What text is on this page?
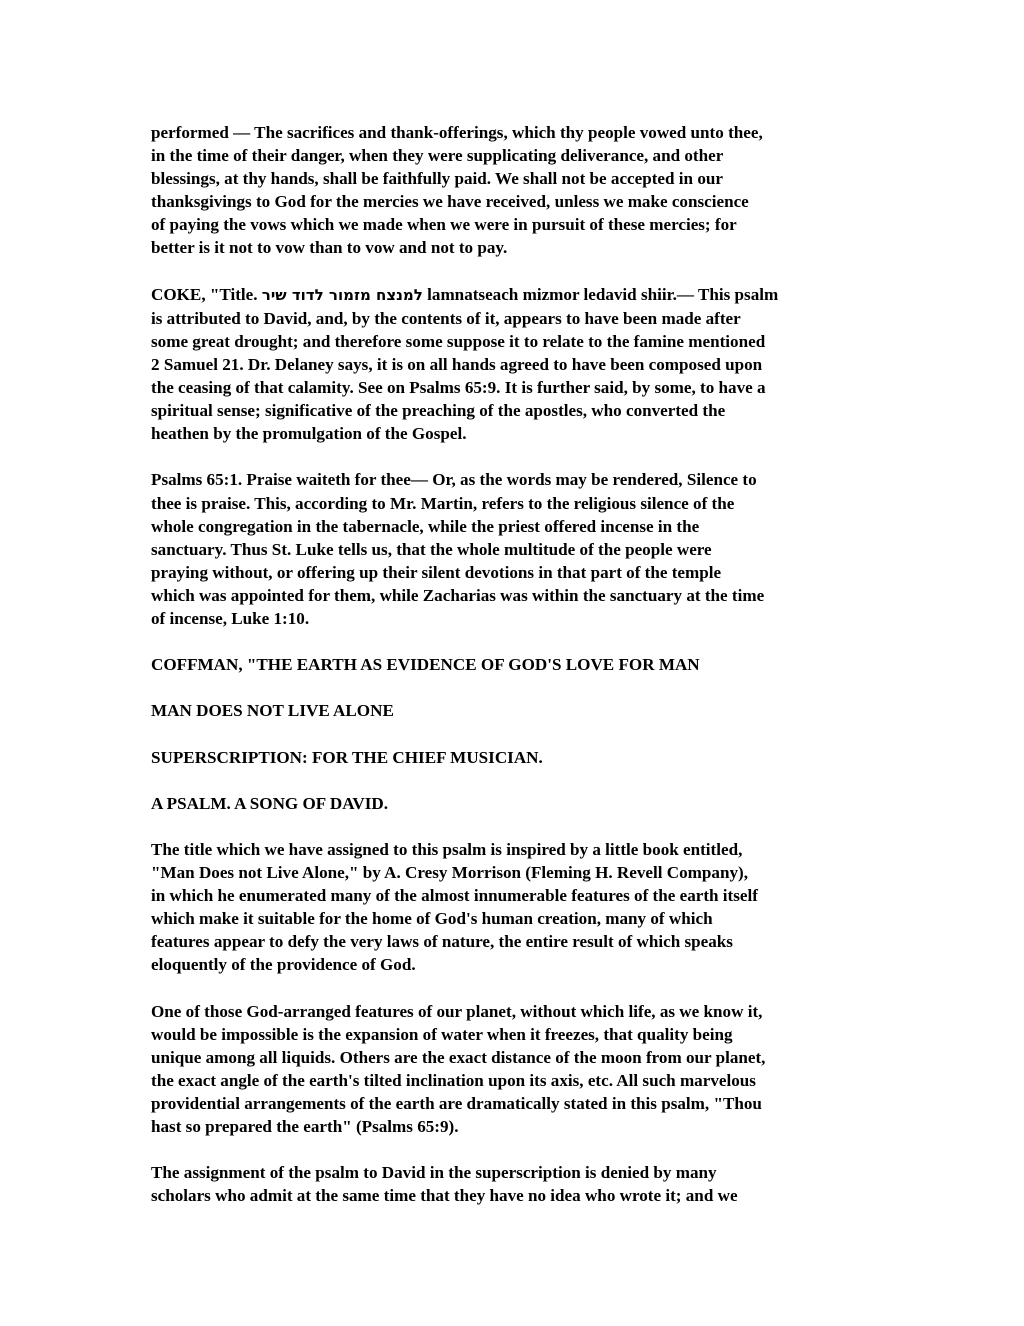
performed — The sacrifices and thank-offerings, which thy people vowed unto thee,
in the time of their danger, when they were supplicating deliverance, and other
blessings, at thy hands, shall be faithfully paid. We shall not be accepted in our
thanksgivings to God for the mercies we have received, unless we make conscience
of paying the vows which we made when we were in pursuit of these mercies; for
better is it not to vow than to vow and not to pay.

COKE, "Title. למנצח מזמור לדוד שיר lamnatseach mizmor ledavid shiir.— This psalm
is attributed to David, and, by the contents of it, appears to have been made after
some great drought; and therefore some suppose it to relate to the famine mentioned
2 Samuel 21. Dr. Delaney says, it is on all hands agreed to have been composed upon
the ceasing of that calamity. See on Psalms 65:9. It is further said, by some, to have a
spiritual sense; significative of the preaching of the apostles, who converted the
heathen by the promulgation of the Gospel.

Psalms 65:1. Praise waiteth for thee— Or, as the words may be rendered, Silence to
thee is praise. This, according to Mr. Martin, refers to the religious silence of the
whole congregation in the tabernacle, while the priest offered incense in the
sanctuary. Thus St. Luke tells us, that the whole multitude of the people were
praying without, or offering up their silent devotions in that part of the temple
which was appointed for them, while Zacharias was within the sanctuary at the time
of incense, Luke 1:10.

COFFMAN, "THE EARTH AS EVIDENCE OF GOD'S LOVE FOR MAN

MAN DOES NOT LIVE ALONE

SUPERSCRIPTION: FOR THE CHIEF MUSICIAN.

A PSALM. A SONG OF DAVID.

The title which we have assigned to this psalm is inspired by a little book entitled,
"Man Does not Live Alone," by A. Cresy Morrison (Fleming H. Revell Company),
in which he enumerated many of the almost innumerable features of the earth itself
which make it suitable for the home of God's human creation, many of which
features appear to defy the very laws of nature, the entire result of which speaks
eloquently of the providence of God.

One of those God-arranged features of our planet, without which life, as we know it,
would be impossible is the expansion of water when it freezes, that quality being
unique among all liquids. Others are the exact distance of the moon from our planet,
the exact angle of the earth's tilted inclination upon its axis, etc. All such marvelous
providential arrangements of the earth are dramatically stated in this psalm, "Thou
hast so prepared the earth" (Psalms 65:9).

The assignment of the psalm to David in the superscription is denied by many
scholars who admit at the same time that they have no idea who wrote it; and we
